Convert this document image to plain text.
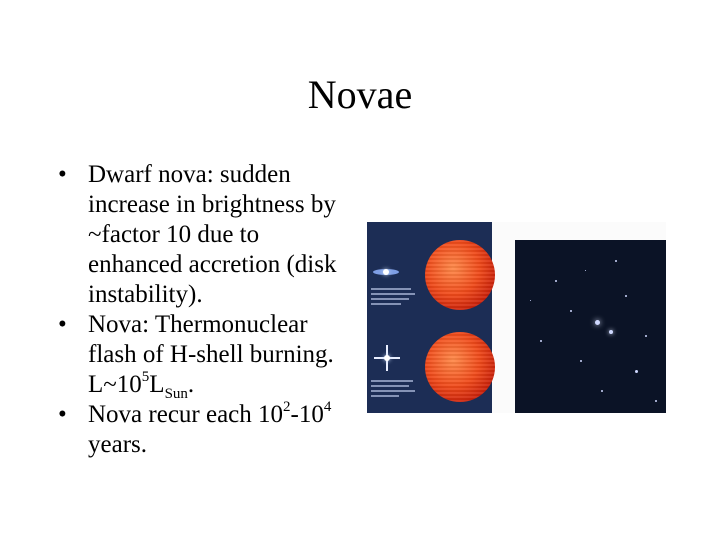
Novae
• Dwarf nova: sudden increase in brightness by ~factor 10 due to enhanced accretion (disk instability).
• Nova: Thermonuclear flash of H-shell burning. $L\sim 10^5L_{Sun}$.
• Nova recur each $10^2-10^4$ years.
